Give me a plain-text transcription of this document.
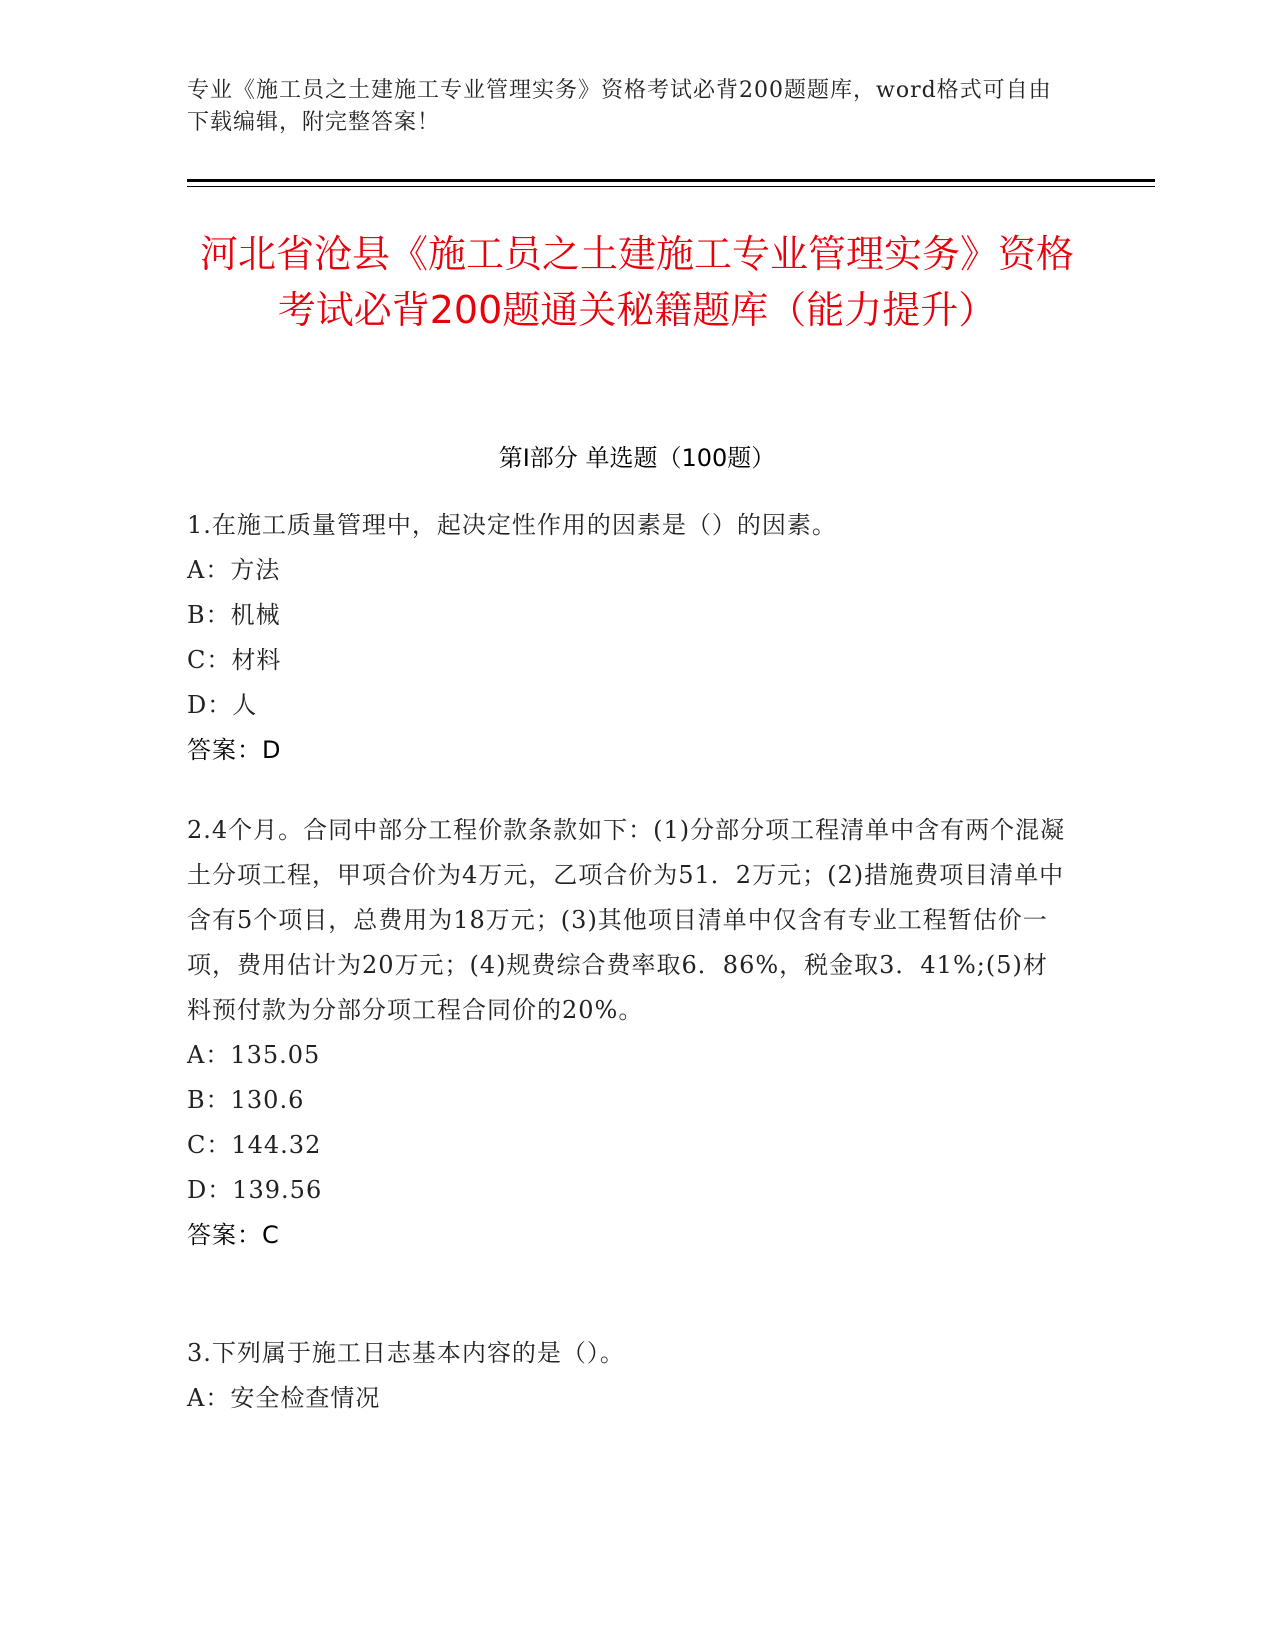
专业《施工员之土建施工专业管理实务》资格考试必背200题题库，word格式可自由下载编辑，附完整答案！
河北省沧县《施工员之土建施工专业管理实务》资格考试必背200题通关秘籍题库（能力提升）
第Ⅰ部分 单选题（100题）
1.在施工质量管理中，起决定性作用的因素是（）的因素。
A：方法
B：机械
C：材料
D：人
答案：D
2.4个月。合同中部分工程价款条款如下：(1)分部分项工程清单中含有两个混凝土分项工程，甲项合价为4万元，乙项合价为51．2万元；(2)措施费项目清单中含有5个项目，总费用为18万元；(3)其他项目清单中仅含有专业工程暂估价一项，费用估计为20万元；(4)规费综合费率取6．86%，税金取3．41%;(5)材料预付款为分部分项工程合同价的20%。
A：135.05
B：130.6
C：144.32
D：139.56
答案：C
3.下列属于施工日志基本内容的是（）。
A：安全检查情况
